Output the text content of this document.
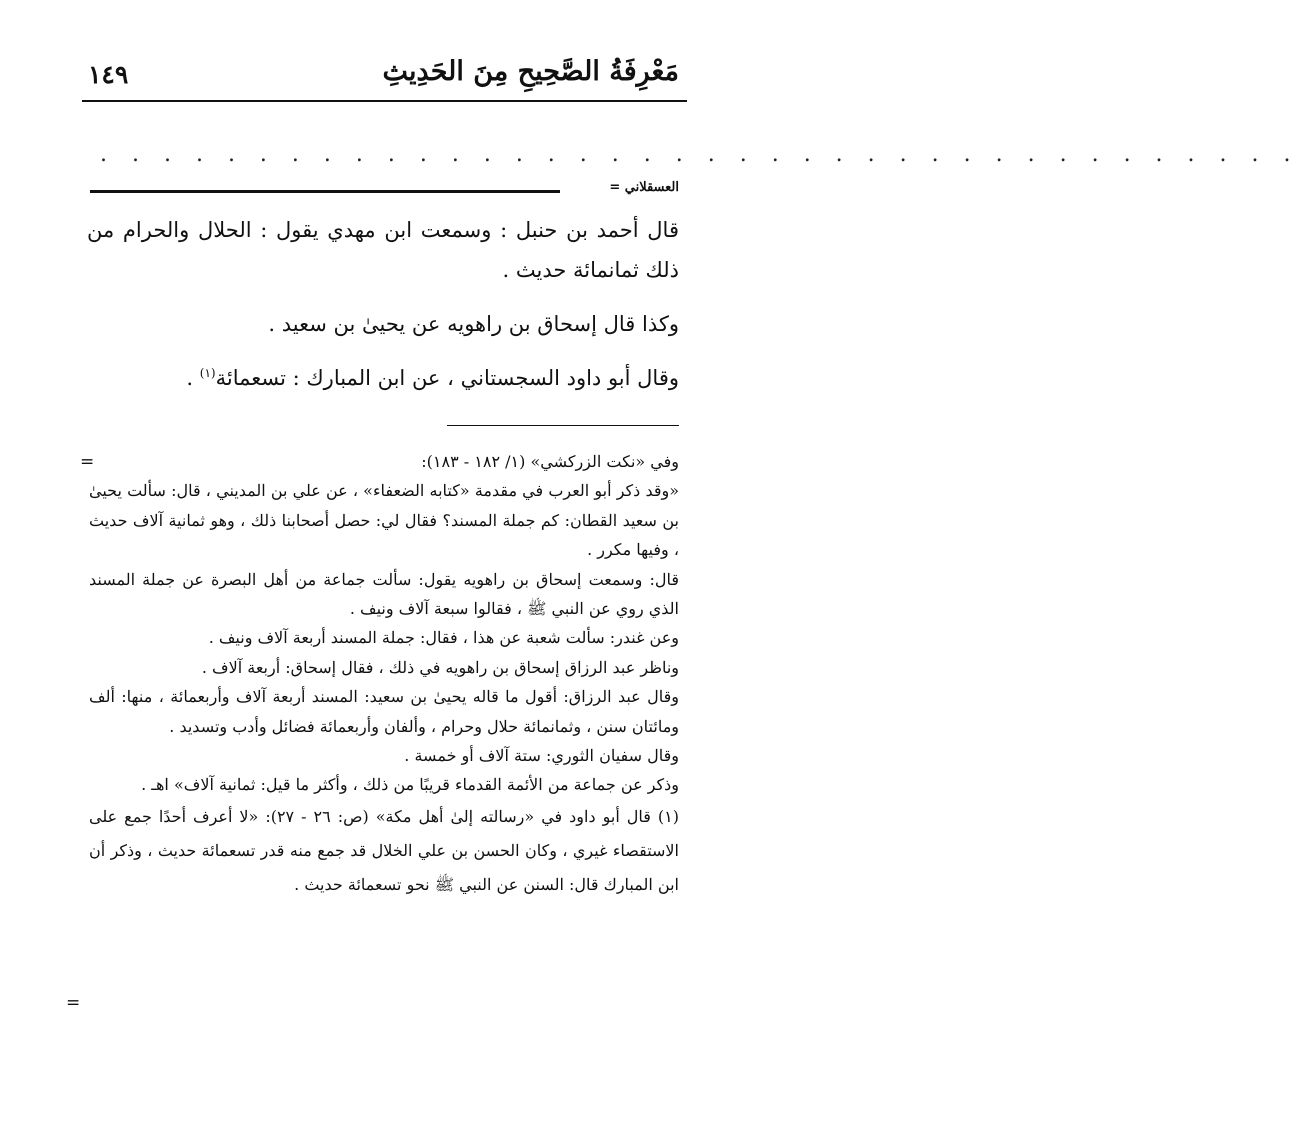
مَعْرِفَةُ الصَّحِيحِ مِنَ الحَدِيثِ
١٤٩
. . . . . . . . . . . . . . . . . . . . . . . . . . . . . . . . . . . . . .
العسقلاني =

قال أحمد بن حنبل : وسمعت ابن مهدي يقول : الحلال والحرام من ذلك ثمانمائة حديث .

وكذا قال إسحاق بن راهويه عن يحيىٰ بن سعيد .

وقال أبو داود السجستاني ، عن ابن المبارك : تسعمائة$^{(١)}$ .

=	وفي «نكت الزركشي» (١/ ١٨٢ - ١٨٣):

«وقد ذكر أبو العرب في مقدمة «كتابه الضعفاء» ، عن علي بن المديني ، قال: سألت يحيىٰ بن سعيد القطان: كم جملة المسند؟ فقال لي: حصل أصحابنا ذلك ، وهو ثمانية آلاف حديث ، وفيها مكرر .

قال: وسمعت إسحاق بن راهويه يقول: سألت جماعة من أهل البصرة عن جملة المسند الذي روي عن النبي ﷺ ، فقالوا سبعة آلاف ونيف .

وعن غندر: سألت شعبة عن هذا ، فقال: جملة المسند أربعة آلاف ونيف .

وناظر عبد الرزاق إسحاق بن راهويه في ذلك ، فقال إسحاق: أربعة آلاف .

وقال عبد الرزاق: أقول ما قاله يحيىٰ بن سعيد: المسند أربعة آلاف وأربعمائة ، منها: ألف ومائتان سنن ، وثمانمائة حلال وحرام ، وألفان وأربعمائة فضائل وأدب وتسديد .

وقال سفيان الثوري: ستة آلاف أو خمسة .

وذكر عن جماعة من الأئمة القدماء قريبًا من ذلك ، وأكثر ما قيل: ثمانية آلاف» اهـ .

(١) قال أبو داود في «رسالته إلىٰ أهل مكة» (ص: ٢٦ - ٢٧): «لا أعرف أحدًا جمع على الاستقصاء غيري ، وكان الحسن بن علي الخلال قد جمع منه قدر تسعمائة حديث ، وذكر أن ابن المبارك قال: السنن عن النبي ﷺ نحو تسعمائة حديث .

=
